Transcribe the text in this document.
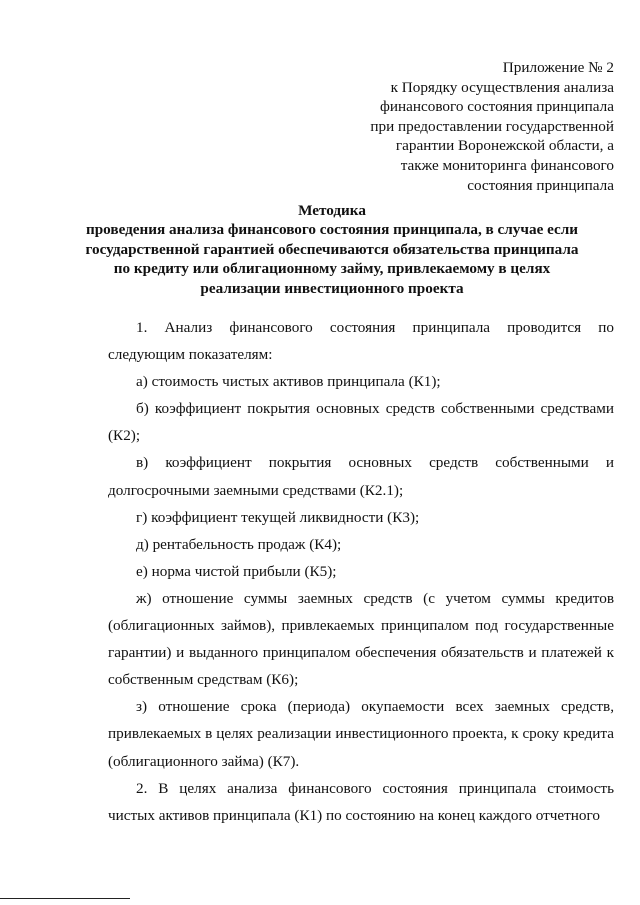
Приложение № 2
к Порядку осуществления анализа
финансового состояния принципала
при предоставлении государственной
гарантии Воронежской области, а
также мониторинга финансового
состояния принципала
Методика
проведения анализа финансового состояния принципала, в случае если
государственной гарантией обеспечиваются обязательства принципала
по кредиту или облигационному займу, привлекаемому в целях
реализации инвестиционного проекта

1. Анализ финансового состояния принципала проводится по следующим показателям:

а) стоимость чистых активов принципала (К1);

б) коэффициент покрытия основных средств собственными средствами (К2);

в) коэффициент покрытия основных средств собственными и долгосрочными заемными средствами (К2.1);

г) коэффициент текущей ликвидности (К3);

д) рентабельность продаж (К4);

е) норма чистой прибыли (К5);

ж) отношение суммы заемных средств (с учетом суммы кредитов (облигационных займов), привлекаемых принципалом под государственные гарантии) и выданного принципалом обеспечения обязательств и платежей к собственным средствам (К6);

з) отношение срока (периода) окупаемости всех заемных средств, привлекаемых в целях реализации инвестиционного проекта, к сроку кредита (облигационного займа) (К7).

2. В целях анализа финансового состояния принципала стоимость чистых активов принципала (К1) по состоянию на конец каждого отчетного
